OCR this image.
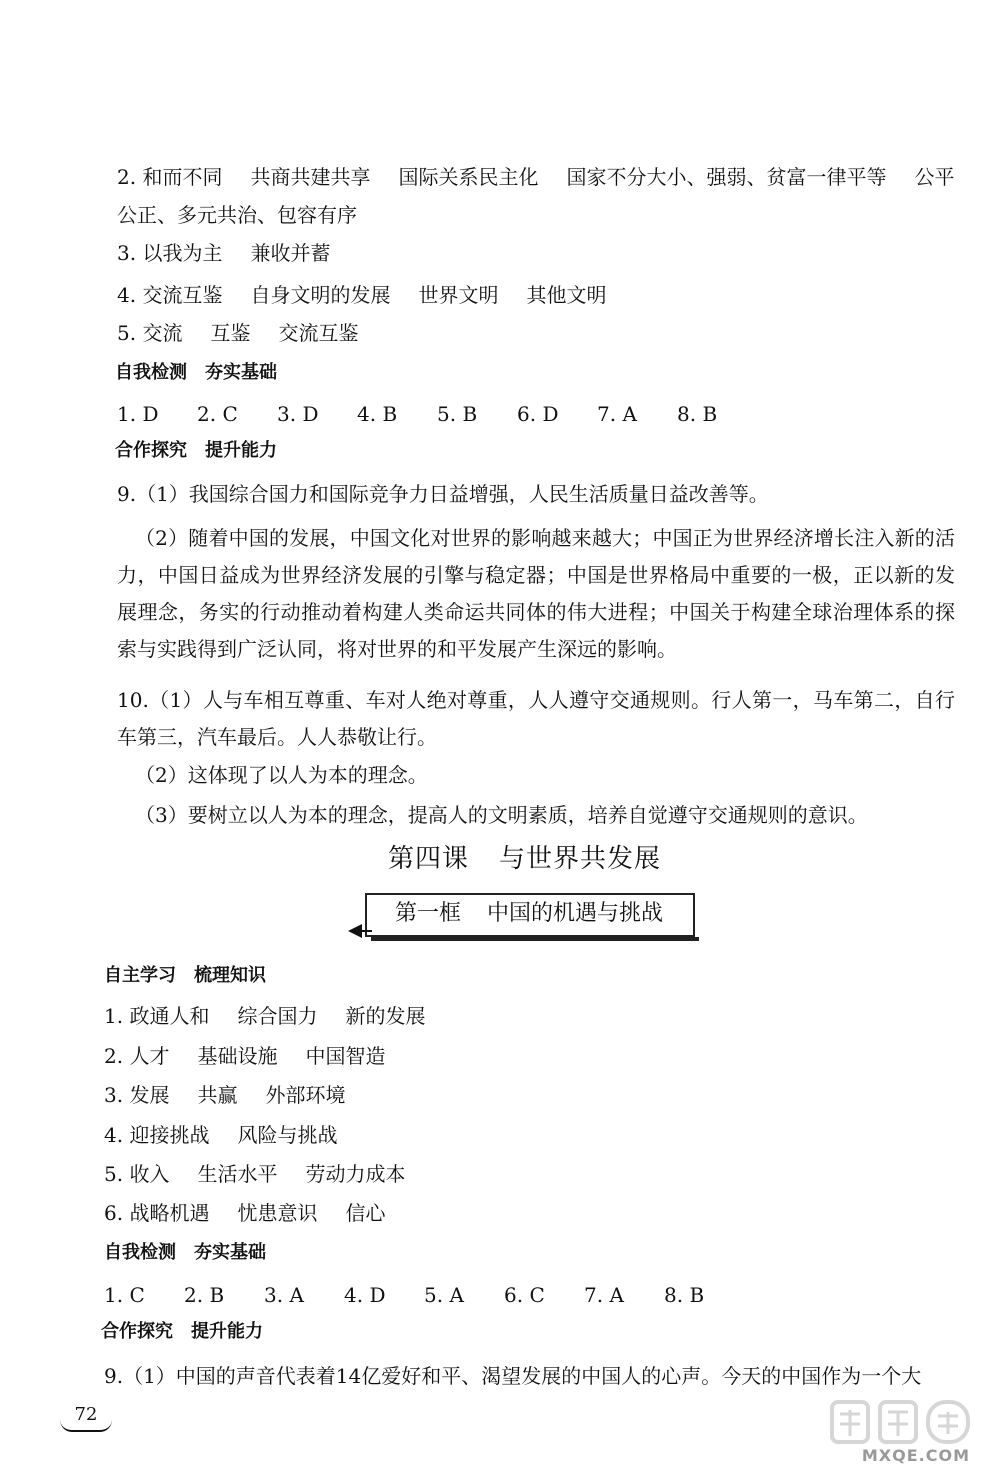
2. 和而不同 共商共建共享 国际关系民主化 国家不分大小、强弱、贫富一律平等 公平
公正、多元共治、包容有序
3. 以我为主 兼收并蓄
4. 交流互鉴 自身文明的发展 世界文明 其他文明
5. 交流 互鉴 交流互鉴
自我检测 夯实基础
1. D 2. C 3. D 4. B 5. B 6. D 7. A 8. B
合作探究 提升能力
9.（1）我国综合国力和国际竞争力日益增强，人民生活质量日益改善等。
（2）随着中国的发展，中国文化对世界的影响越来越大；中国正为世界经济增长注入新的活力，中国日益成为世界经济发展的引擎与稳定器；中国是世界格局中重要的一极，正以新的发展理念，务实的行动推动着构建人类命运共同体的伟大进程；中国关于构建全球治理体系的探索与实践得到广泛认同，将对世界的和平发展产生深远的影响。
10.（1）人与车相互尊重、车对人绝对尊重，人人遵守交通规则。行人第一，马车第二，自行车第三，汽车最后。人人恭敬让行。
（2）这体现了以人为本的理念。
（3）要树立以人为本的理念，提高人的文明素质，培养自觉遵守交通规则的意识。
第四课 与世界共发展
第一框 中国的机遇与挑战
自主学习 梳理知识
1. 政通人和 综合国力 新的发展
2. 人才 基础设施 中国智造
3. 发展 共赢 外部环境
4. 迎接挑战 风险与挑战
5. 收入 生活水平 劳动力成本
6. 战略机遇 忧患意识 信心
自我检测 夯实基础
1. C 2. B 3. A 4. D 5. A 6. C 7. A 8. B
合作探究 提升能力
9.（1）中国的声音代表着14亿爱好和平、渴望发展的中国人的心声。今天的中国作为一个大
72
答案圈
MXQE.COM
